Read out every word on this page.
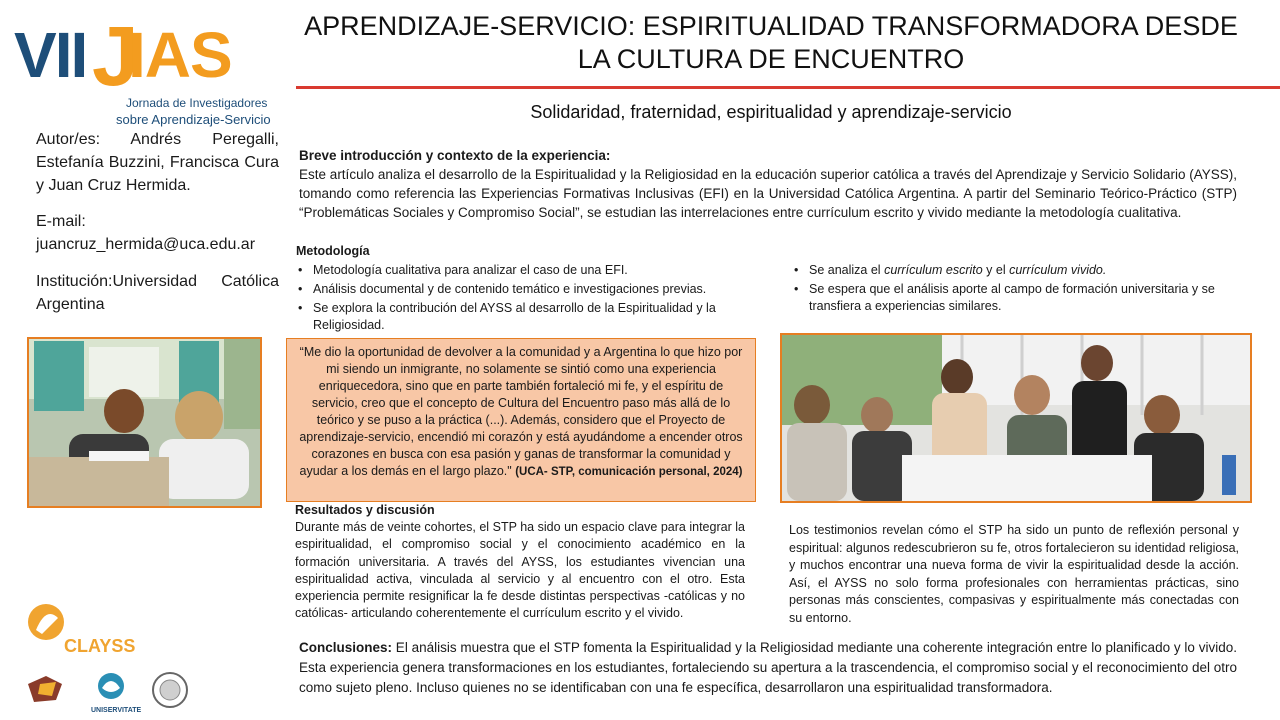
VII J
IAS
Jornada de Investigadores
sobre Aprendizaje-Servicio
APRENDIZAJE-SERVICIO: ESPIRITUALIDAD TRANSFORMADORA DESDE LA CULTURA DE ENCUENTRO
Solidaridad, fraternidad, espiritualidad y aprendizaje-servicio
Autor/es: Andrés Peregalli, Estefanía Buzzini, Francisca Cura y Juan Cruz Hermida.
E-mail:
juancruz_hermida@uca.edu.ar
Institución:Universidad Católica Argentina
Breve introducción y contexto de la experiencia:
Este artículo analiza el desarrollo de la Espiritualidad y la Religiosidad en la educación superior católica a través del Aprendizaje y Servicio Solidario (AYSS), tomando como referencia las Experiencias Formativas Inclusivas (EFI) en la Universidad Católica Argentina. A partir del Seminario Teórico-Práctico (STP) “Problemáticas Sociales y Compromiso Social”, se estudian las interrelaciones entre currículum escrito y vivido mediante la metodología cualitativa.
Metodología
• Metodología cualitativa para analizar el caso de una EFI.
• Análisis documental y de contenido temático e investigaciones previas.
• Se explora la contribución del AYSS al desarrollo de la Espiritualidad y la Religiosidad.
• Se analiza el currículum escrito y el currículum vivido.
• Se espera que el análisis aporte al campo de formación universitaria y se transfiera a experiencias similares.
“Me dio la oportunidad de devolver a la comunidad y a Argentina lo que hizo por mi siendo un inmigrante, no solamente se sintió como una experiencia enriquecedora, sino que en parte también fortaleció mi fe, y el espíritu de servicio, creo que el concepto de Cultura del Encuentro paso más allá de lo teórico y se puso a la práctica (...). Además, considero que el Proyecto de aprendizaje-servicio, encendió mi corazón y está ayudándome a encender otros corazones en busca con esa pasión y ganas de transformar la comunidad y ayudar a los demás en el largo plazo." (UCA- STP, comunicación personal, 2024)
Resultados y discusión
Durante más de veinte cohortes, el STP ha sido un espacio clave para integrar la espiritualidad, el compromiso social y el conocimiento académico en la formación universitaria. A través del AYSS, los estudiantes vivencian una espiritualidad activa, vinculada al servicio y al encuentro con el otro. Esta experiencia permite resignificar la fe desde distintas perspectivas -católicas y no católicas- articulando coherentemente el currículum escrito y el vivido.
Los testimonios revelan cómo el STP ha sido un punto de reflexión personal y espiritual: algunos redescubrieron su fe, otros fortalecieron su identidad religiosa, y muchos encontrar una nueva forma de vivir la espiritualidad desde la acción. Así, el AYSS no solo forma profesionales con herramientas prácticas, sino personas más conscientes, compasivas y espiritualmente más conectadas con su entorno.
Conclusiones: El análisis muestra que el STP fomenta la Espiritualidad y la Religiosidad mediante una coherente integración entre lo planificado y lo vivido. Esta experiencia genera transformaciones en los estudiantes, fortaleciendo su apertura a la trascendencia, el compromiso social y el reconocimiento del otro como sujeto pleno. Incluso quienes no se identificaban con una fe específica, desarrollaron una espiritualidad transformadora.
CLAYSS
UNISERVITATE
